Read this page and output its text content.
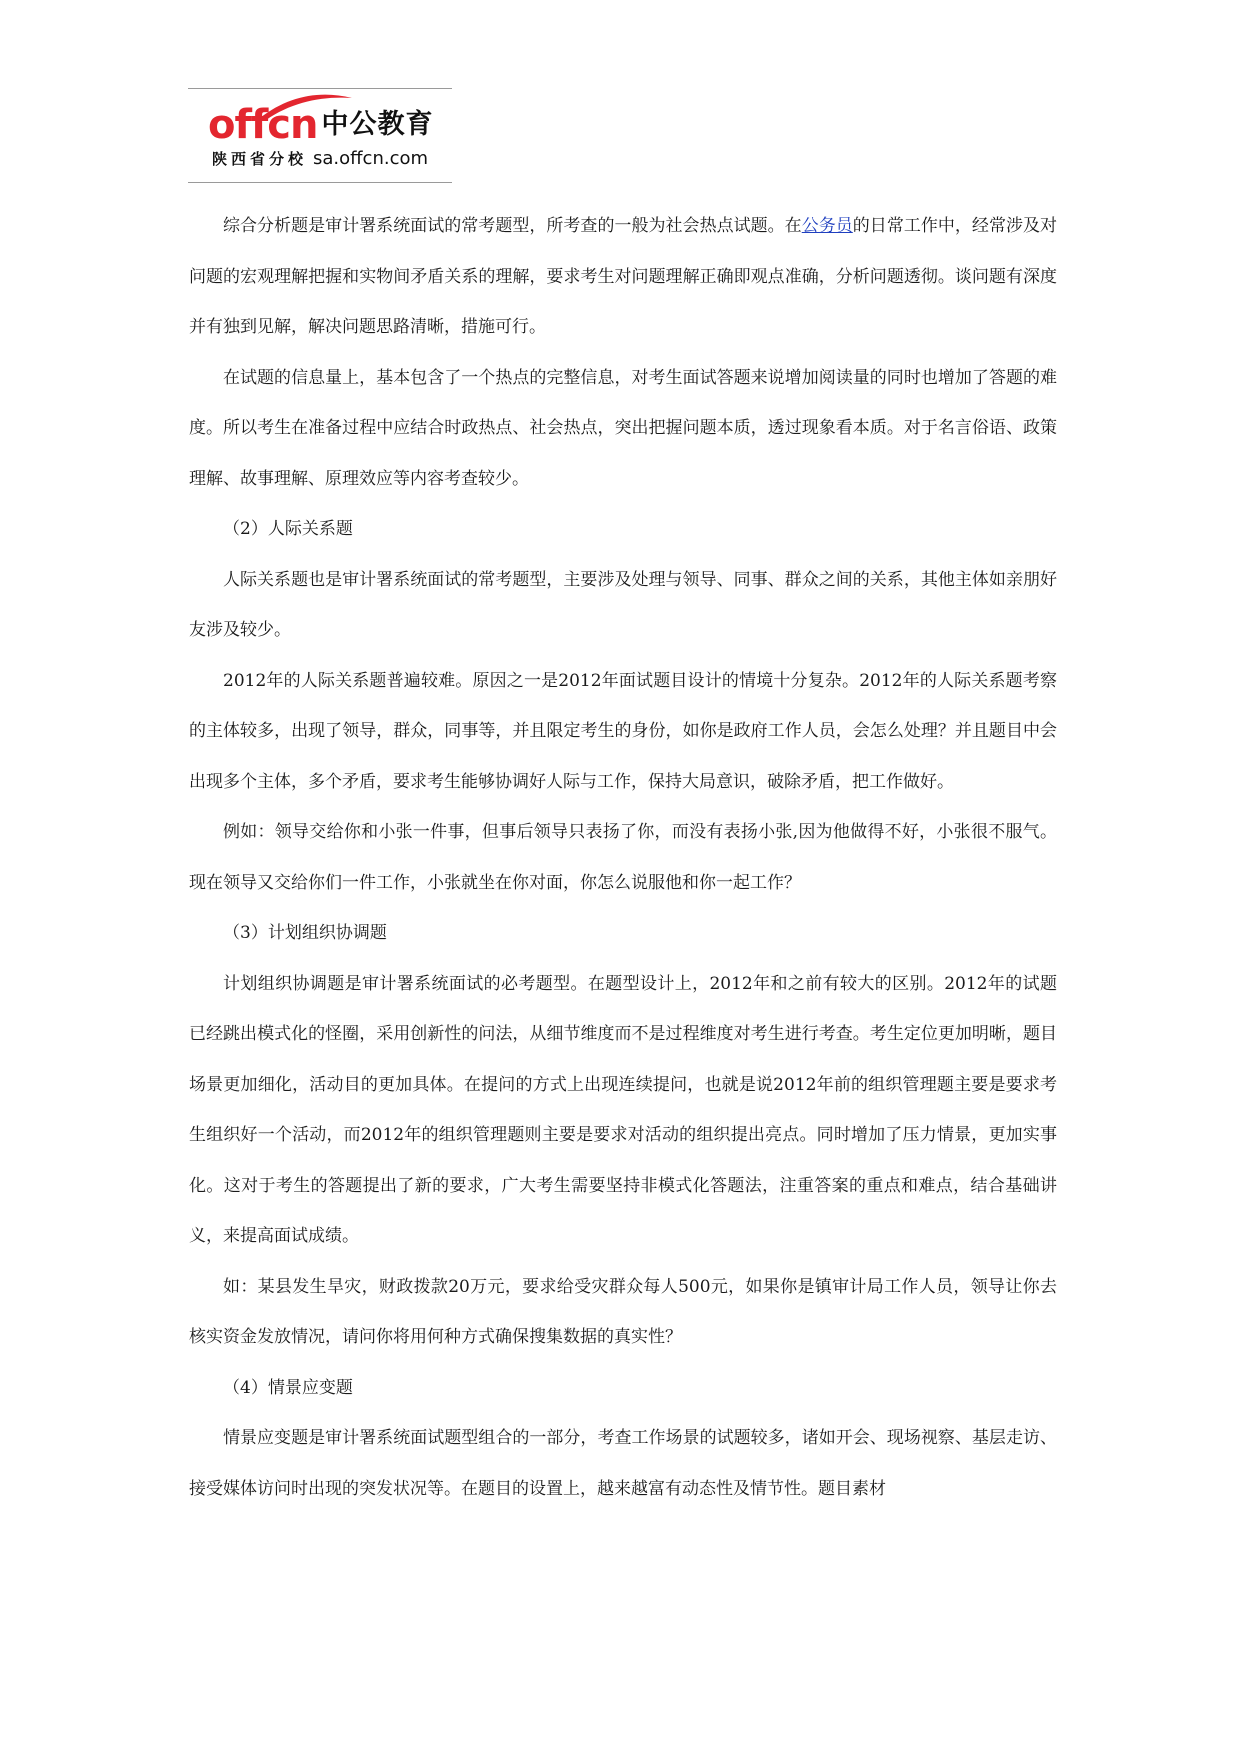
offcn 中公教育
陕西省分校 sa.offcn.com

综合分析题是审计署系统面试的常考题型，所考查的一般为社会热点试题。在公务员的日常工作中，经常涉及对问题的宏观理解把握和实物间矛盾关系的理解，要求考生对问题理解正确即观点准确，分析问题透彻。谈问题有深度并有独到见解，解决问题思路清晰，措施可行。

在试题的信息量上，基本包含了一个热点的完整信息，对考生面试答题来说增加阅读量的同时也增加了答题的难度。所以考生在准备过程中应结合时政热点、社会热点，突出把握问题本质，透过现象看本质。对于名言俗语、政策理解、故事理解、原理效应等内容考查较少。

（2）人际关系题

人际关系题也是审计署系统面试的常考题型，主要涉及处理与领导、同事、群众之间的关系，其他主体如亲朋好友涉及较少。

2012年的人际关系题普遍较难。原因之一是2012年面试题目设计的情境十分复杂。2012年的人际关系题考察的主体较多，出现了领导，群众，同事等，并且限定考生的身份，如你是政府工作人员，会怎么处理？并且题目中会出现多个主体，多个矛盾，要求考生能够协调好人际与工作，保持大局意识，破除矛盾，把工作做好。

例如：领导交给你和小张一件事，但事后领导只表扬了你，而没有表扬小张,因为他做得不好，小张很不服气。现在领导又交给你们一件工作，小张就坐在你对面，你怎么说服他和你一起工作？

（3）计划组织协调题

计划组织协调题是审计署系统面试的必考题型。在题型设计上，2012年和之前有较大的区别。2012年的试题已经跳出模式化的怪圈，采用创新性的问法，从细节维度而不是过程维度对考生进行考查。考生定位更加明晰，题目场景更加细化，活动目的更加具体。在提问的方式上出现连续提问，也就是说2012年前的组织管理题主要是要求考生组织好一个活动，而2012年的组织管理题则主要是要求对活动的组织提出亮点。同时增加了压力情景，更加实事化。这对于考生的答题提出了新的要求，广大考生需要坚持非模式化答题法，注重答案的重点和难点，结合基础讲义，来提高面试成绩。

如：某县发生旱灾，财政拨款20万元，要求给受灾群众每人500元，如果你是镇审计局工作人员，领导让你去核实资金发放情况，请问你将用何种方式确保搜集数据的真实性？

（4）情景应变题

情景应变题是审计署系统面试题型组合的一部分，考查工作场景的试题较多，诸如开会、现场视察、基层走访、接受媒体访问时出现的突发状况等。在题目的设置上，越来越富有动态性及情节性。题目素材
